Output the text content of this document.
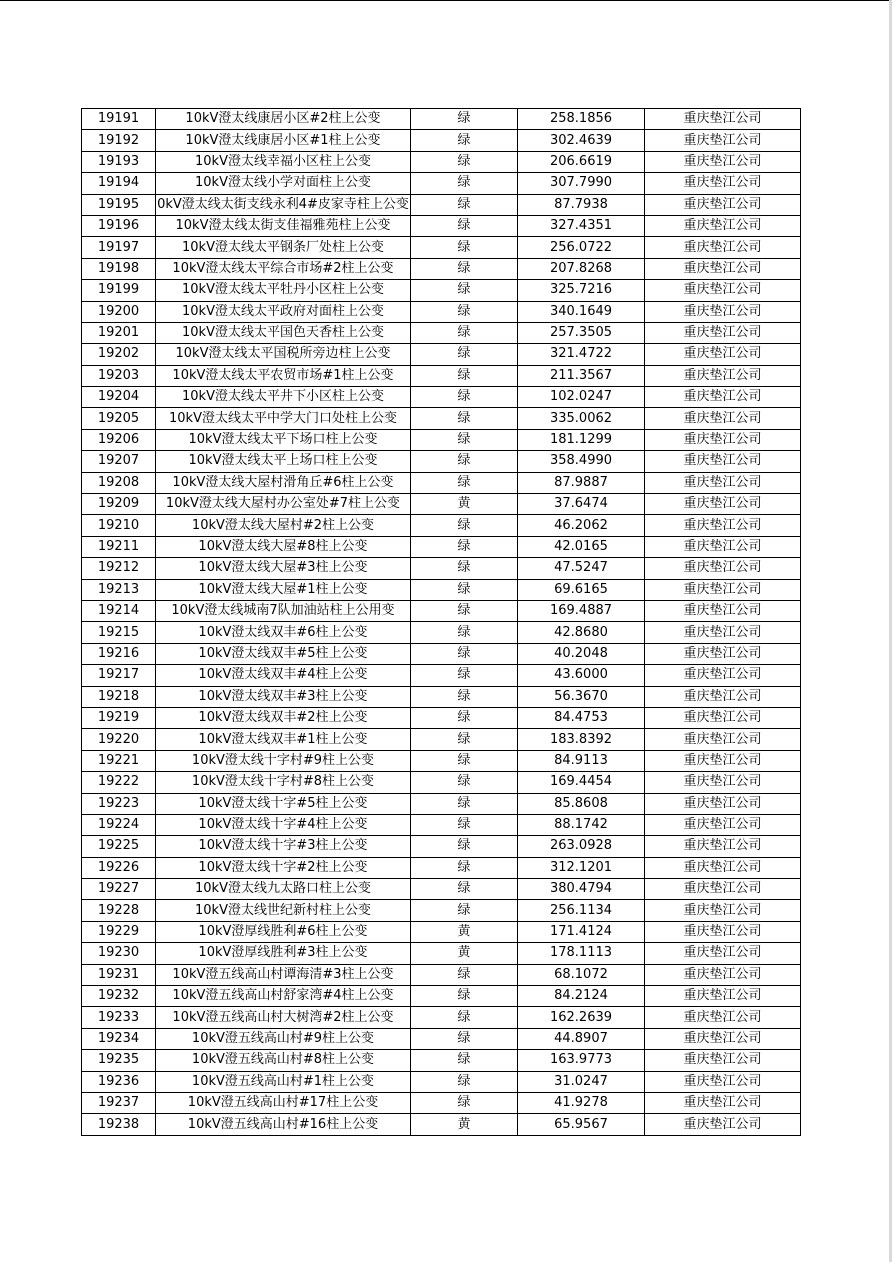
19191	10kV澄太线康居小区#2柱上公变	绿	258.1856	重庆垫江公司
19192	10kV澄太线康居小区#1柱上公变	绿	302.4639	重庆垫江公司
19193	10kV澄太线幸福小区柱上公变	绿	206.6619	重庆垫江公司
19194	10kV澄太线小学对面柱上公变	绿	307.7990	重庆垫江公司
19195	0kV澄太线太街支线永利4#皮家寺柱上公变	绿	87.7938	重庆垫江公司
19196	10kV澄太线太街支佳福雅苑柱上公变	绿	327.4351	重庆垫江公司
19197	10kV澄太线太平钢条厂处柱上公变	绿	256.0722	重庆垫江公司
19198	10kV澄太线太平综合市场#2柱上公变	绿	207.8268	重庆垫江公司
19199	10kV澄太线太平牡丹小区柱上公变	绿	325.7216	重庆垫江公司
19200	10kV澄太线太平政府对面柱上公变	绿	340.1649	重庆垫江公司
19201	10kV澄太线太平国色天香柱上公变	绿	257.3505	重庆垫江公司
19202	10kV澄太线太平国税所旁边柱上公变	绿	321.4722	重庆垫江公司
19203	10kV澄太线太平农贸市场#1柱上公变	绿	211.3567	重庆垫江公司
19204	10kV澄太线太平井下小区柱上公变	绿	102.0247	重庆垫江公司
19205	10kV澄太线太平中学大门口处柱上公变	绿	335.0062	重庆垫江公司
19206	10kV澄太线太平下场口柱上公变	绿	181.1299	重庆垫江公司
19207	10kV澄太线太平上场口柱上公变	绿	358.4990	重庆垫江公司
19208	10kV澄太线大屋村滑角丘#6柱上公变	绿	87.9887	重庆垫江公司
19209	10kV澄太线大屋村办公室处#7柱上公变	黄	37.6474	重庆垫江公司
19210	10kV澄太线大屋村#2柱上公变	绿	46.2062	重庆垫江公司
19211	10kV澄太线大屋#8柱上公变	绿	42.0165	重庆垫江公司
19212	10kV澄太线大屋#3柱上公变	绿	47.5247	重庆垫江公司
19213	10kV澄太线大屋#1柱上公变	绿	69.6165	重庆垫江公司
19214	10kV澄太线城南7队加油站柱上公用变	绿	169.4887	重庆垫江公司
19215	10kV澄太线双丰#6柱上公变	绿	42.8680	重庆垫江公司
19216	10kV澄太线双丰#5柱上公变	绿	40.2048	重庆垫江公司
19217	10kV澄太线双丰#4柱上公变	绿	43.6000	重庆垫江公司
19218	10kV澄太线双丰#3柱上公变	绿	56.3670	重庆垫江公司
19219	10kV澄太线双丰#2柱上公变	绿	84.4753	重庆垫江公司
19220	10kV澄太线双丰#1柱上公变	绿	183.8392	重庆垫江公司
19221	10kV澄太线十字村#9柱上公变	绿	84.9113	重庆垫江公司
19222	10kV澄太线十字村#8柱上公变	绿	169.4454	重庆垫江公司
19223	10kV澄太线十字#5柱上公变	绿	85.8608	重庆垫江公司
19224	10kV澄太线十字#4柱上公变	绿	88.1742	重庆垫江公司
19225	10kV澄太线十字#3柱上公变	绿	263.0928	重庆垫江公司
19226	10kV澄太线十字#2柱上公变	绿	312.1201	重庆垫江公司
19227	10kV澄太线九太路口柱上公变	绿	380.4794	重庆垫江公司
19228	10kV澄太线世纪新村柱上公变	绿	256.1134	重庆垫江公司
19229	10kV澄厚线胜利#6柱上公变	黄	171.4124	重庆垫江公司
19230	10kV澄厚线胜利#3柱上公变	黄	178.1113	重庆垫江公司
19231	10kV澄五线高山村谭海清#3柱上公变	绿	68.1072	重庆垫江公司
19232	10kV澄五线高山村舒家湾#4柱上公变	绿	84.2124	重庆垫江公司
19233	10kV澄五线高山村大树湾#2柱上公变	绿	162.2639	重庆垫江公司
19234	10kV澄五线高山村#9柱上公变	绿	44.8907	重庆垫江公司
19235	10kV澄五线高山村#8柱上公变	绿	163.9773	重庆垫江公司
19236	10kV澄五线高山村#1柱上公变	绿	31.0247	重庆垫江公司
19237	10kV澄五线高山村#17柱上公变	绿	41.9278	重庆垫江公司
19238	10kV澄五线高山村#16柱上公变	黄	65.9567	重庆垫江公司
